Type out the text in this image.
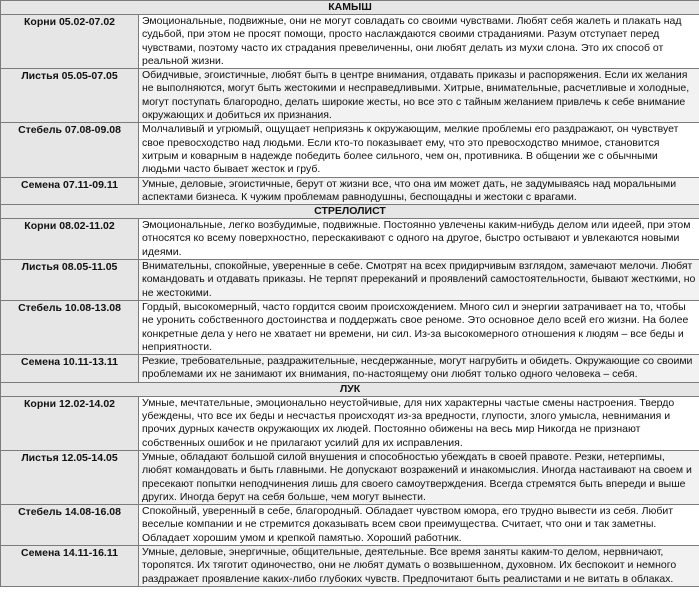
КАМЫШ	
Корни 05.02-07.02	Эмоциональные, подвижные, они не могут совладать со своими чувствами. Любят себя жалеть и плакать над судьбой, при этом не просят помощи, просто наслаждаются своими страданиями. Разум отступает перед чувствами, поэтому часто их страдания превеличенны, они любят делать из мухи слона. Это их способ от реальной жизни.
Листья 05.05-07.05	Обидчивые, эгоистичные, любят быть в центре внимания, отдавать приказы и распоряжения. Если их желания не выполняются, могут быть жестокими и несправедливыми. Хитрые, внимательные, расчетливые и холодные, могут поступать благородно, делать широкие жесты, но все это с тайным желанием привлечь к себе внимание окружающих и добиться их признания.
Стебель 07.08-09.08	Молчаливый и угрюмый, ощущает неприязнь к окружающим, мелкие проблемы его раздражают, он чувствует свое превосходство над людьми. Если кто-то показывает ему, что это превосходство мнимое, становится хитрым и коварным в надежде победить более сильного, чем он, противника. В общении же с обычными людьми часто бывает жесток и груб.
Семена 07.11-09.11	Умные, деловые, эгоистичные, берут от жизни все, что она им может дать, не задумываясь над моральными аспектами бизнеса. К чужим проблемам равнодушны, беспощадны и жестоки с врагами.
СТРЕЛОЛИСТ	
Корни 08.02-11.02	Эмоциональные, легко возбудимые, подвижные. Постоянно увлечены каким-нибудь делом или идеей, при этом относятся ко всему поверхностно, перескакивают с одного на другое, быстро остывают и увлекаются новыми идеями.
Листья 08.05-11.05	Внимательны, спокойные, уверенные в себе. Смотрят на всех придирчивым взглядом, замечают мелочи. Любят командовать и отдавать приказы. Не терпят пререканий и проявлений самостоятельности, бывают жесткими, но не жестокими.
Стебель 10.08-13.08	Гордый, высокомерный, часто гордится своим происхождением. Много сил и энергии затрачивает на то, чтобы не уронить собственного достоинства и поддержать свое реноме. Это основное дело всей его жизни. На более конкретные дела у него не хватает ни времени, ни сил. Из-за высокомерного отношения к людям – все беды и неприятности.
Семена 10.11-13.11	Резкие, требовательные, раздражительные, несдержанные, могут нагрубить и обидеть. Окружающие со своими проблемами их не занимают их внимания, по-настоящему они любят только одного человека – себя.
ЛУК	
Корни 12.02-14.02	Умные, мечтательные, эмоционально неустойчивые, для них характерны частые смены настроения. Твердо убеждены, что все их беды и несчастья происходят из-за вредности, глупости, злого умысла, невнимания и прочих дурных качеств окружающих их людей. Постоянно обижены на весь мир Никогда не признают собственных ошибок и не прилагают усилий для их исправления.
Листья 12.05-14.05	Умные, обладают большой силой внушения и способностью убеждать в своей правоте. Резки, нетерпимы, любят командовать и быть главными. Не допускают возражений и инакомыслия. Иногда настаивают на своем и пресекают попытки неподчинения лишь для своего самоутверждения. Всегда стремятся быть впереди и выше других. Иногда берут на себя больше, чем могут вынести.
Стебель 14.08-16.08	Спокойный, уверенный в себе, благородный. Обладает чувством юмора, его трудно вывести из себя. Любит веселые компании и не стремится доказывать всем свои преимущества. Считает, что они и так заметны. Обладает хорошим умом и крепкой памятью. Хороший работник.
Семена 14.11-16.11	Умные, деловые, энергичные, общительные, деятельные. Все время заняты каким-то делом, нервничают, торопятся. Их тяготит одиночество, они не любят думать о возвышенном, духовном. Их беспокоит и немного раздражает проявление каких-либо глубоких чувств. Предпочитают быть реалистами и не витать в облаках.
